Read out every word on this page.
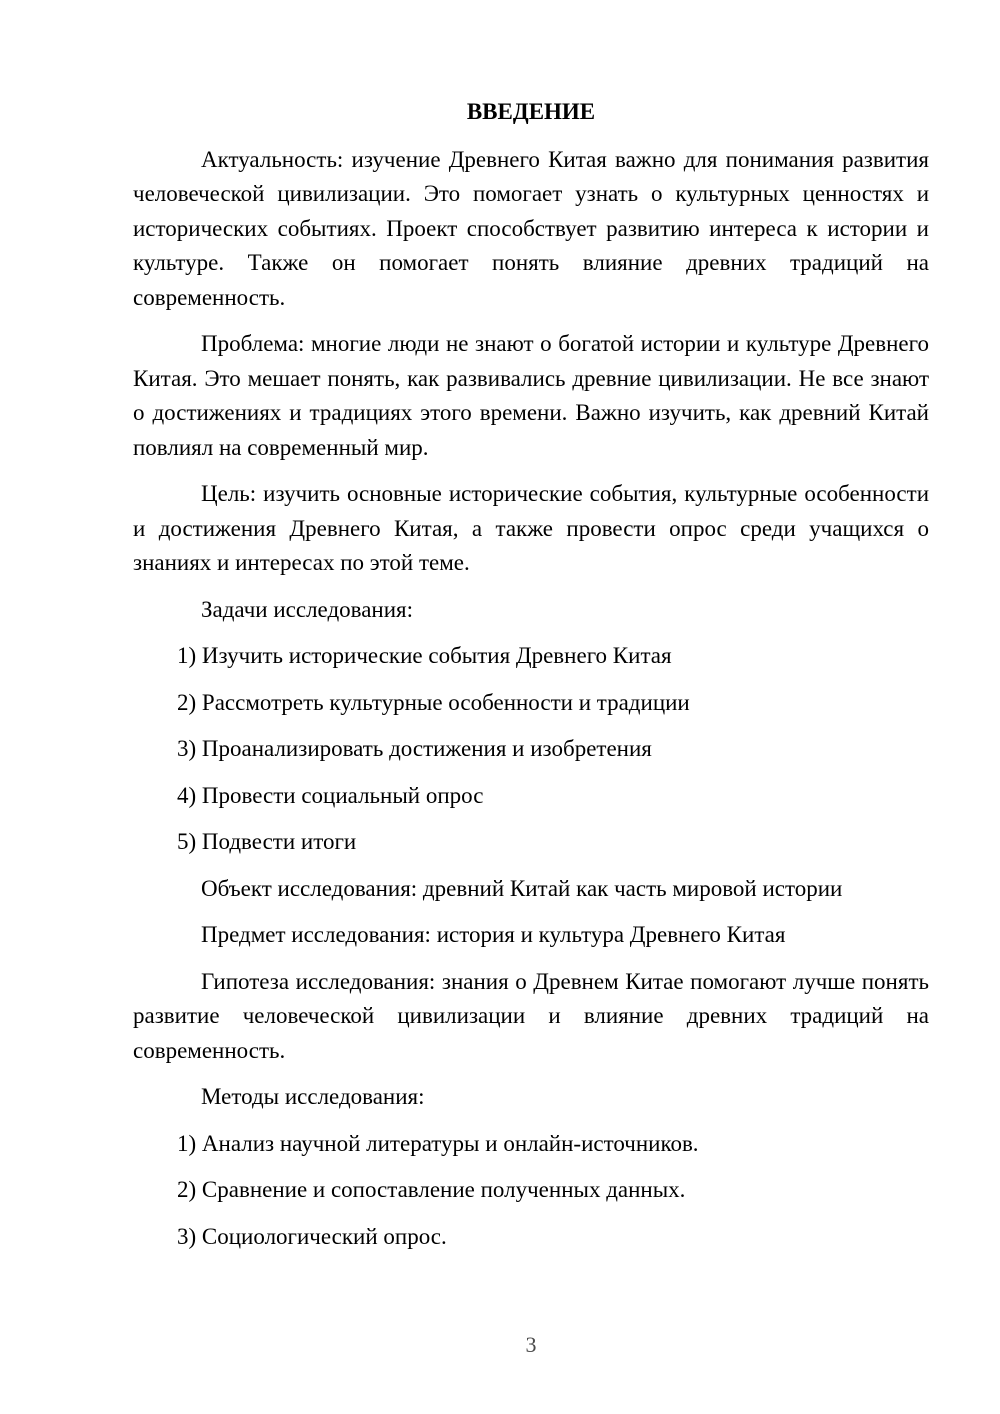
ВВЕДЕНИЕ

Актуальность: изучение Древнего Китая важно для понимания развития человеческой цивилизации. Это помогает узнать о культурных ценностях и исторических событиях. Проект способствует развитию интереса к истории и культуре. Также он помогает понять влияние древних традиций на современность.

Проблема: многие люди не знают о богатой истории и культуре Древнего Китая. Это мешает понять, как развивались древние цивилизации. Не все знают о достижениях и традициях этого времени. Важно изучить, как древний Китай повлиял на современный мир.

Цель: изучить основные исторические события, культурные особенности и достижения Древнего Китая, а также провести опрос среди учащихся о знаниях и интересах по этой теме.

Задачи исследования:

1) Изучить исторические события Древнего Китая

2) Рассмотреть культурные особенности и традиции

3) Проанализировать достижения и изобретения

4) Провести социальный опрос

5) Подвести итоги

Объект исследования: древний Китай как часть мировой истории

Предмет исследования: история и культура Древнего Китая

Гипотеза исследования: знания о Древнем Китае помогают лучше понять развитие человеческой цивилизации и влияние древних традиций на современность.

Методы исследования:

1) Анализ научной литературы и онлайн-источников.

2) Сравнение и сопоставление полученных данных.

3) Социологический опрос.

3
